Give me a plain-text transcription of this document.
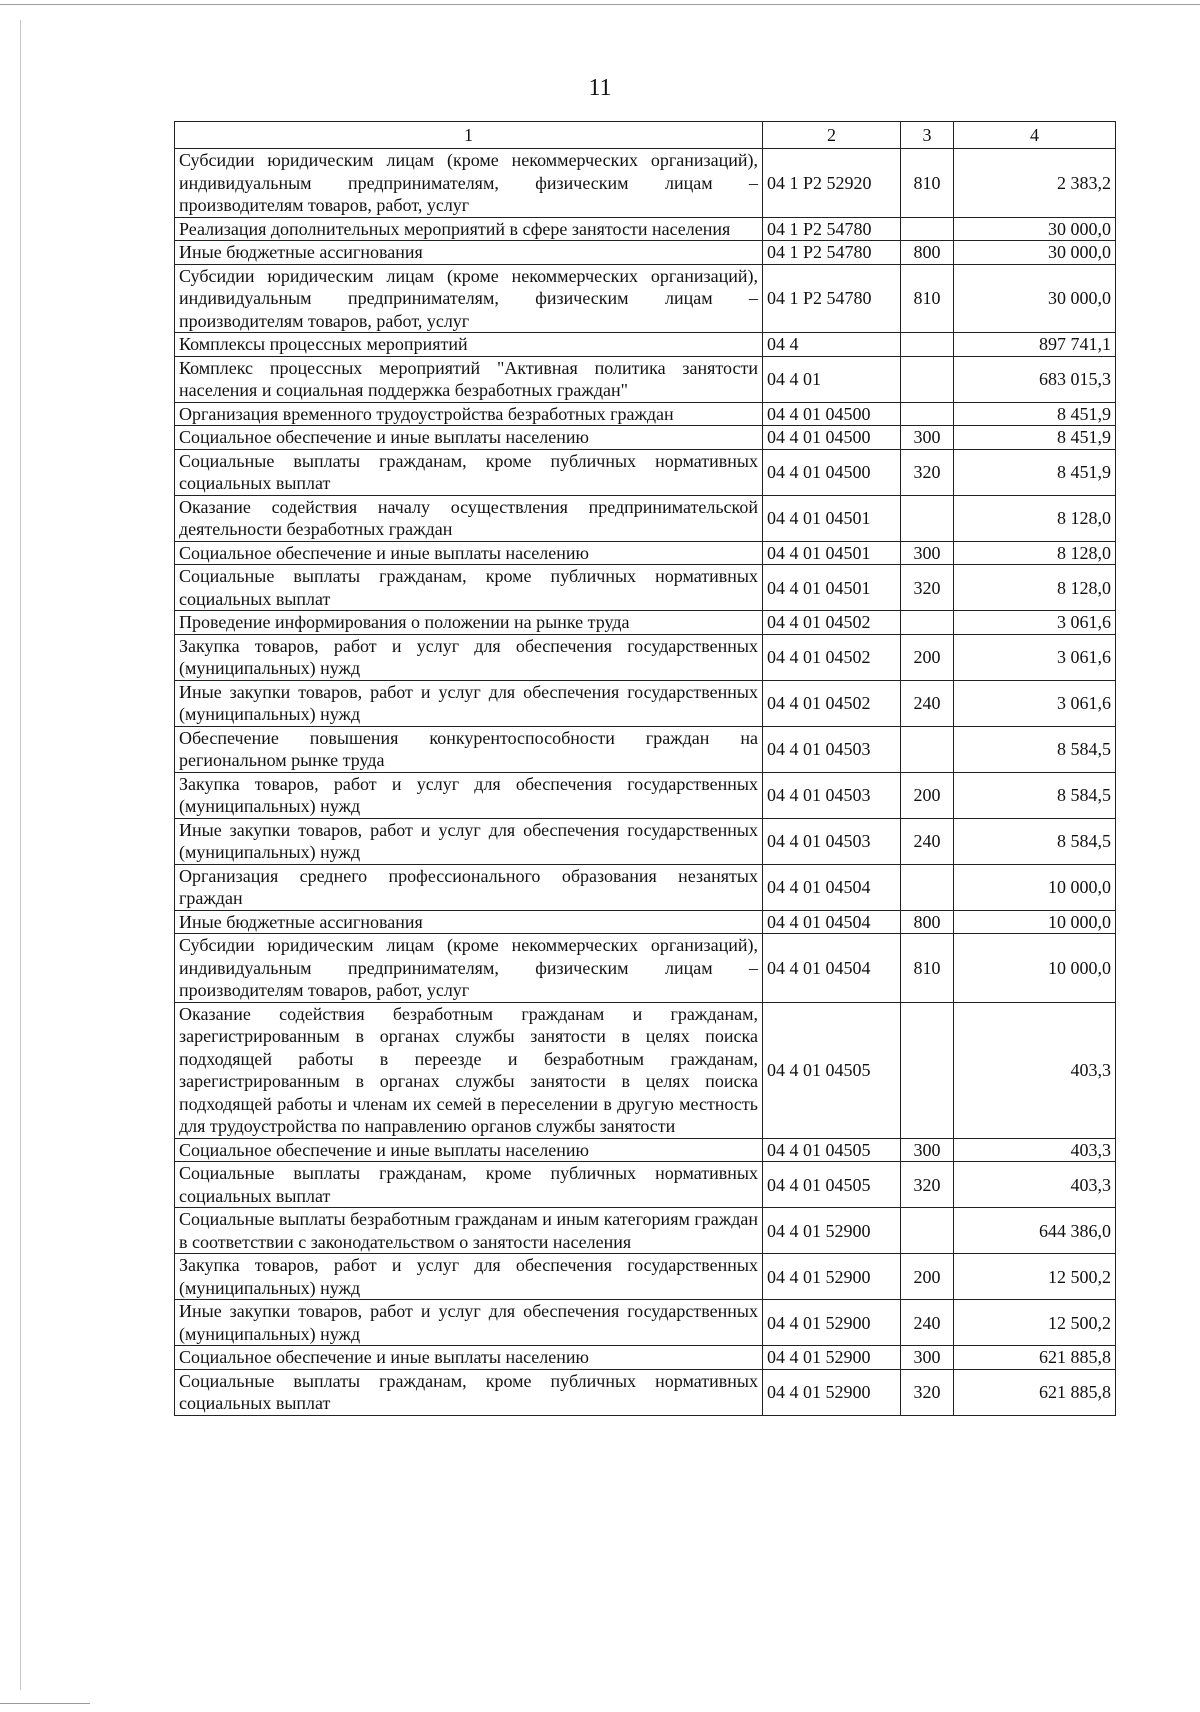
11
1	2	3	4
Субсидии юридическим лицам (кроме некоммерческих организаций), индивидуальным предпринимателям, физическим лицам – производителям товаров, работ, услуг	04 1 Р2 52920	810	2 383,2
Реализация дополнительных мероприятий в сфере занятости населения	04 1 Р2 54780		30 000,0
Иные бюджетные ассигнования	04 1 Р2 54780	800	30 000,0
Субсидии юридическим лицам (кроме некоммерческих организаций), индивидуальным предпринимателям, физическим лицам – производителям товаров, работ, услуг	04 1 Р2 54780	810	30 000,0
Комплексы процессных мероприятий	04 4		897 741,1
Комплекс процессных мероприятий "Активная политика занятости населения и социальная поддержка безработных граждан"	04 4 01		683 015,3
Организация временного трудоустройства безработных граждан	04 4 01 04500		8 451,9
Социальное обеспечение и иные выплаты населению	04 4 01 04500	300	8 451,9
Социальные выплаты гражданам, кроме публичных нормативных социальных выплат	04 4 01 04500	320	8 451,9
Оказание содействия началу осуществления предпринимательской деятельности безработных граждан	04 4 01 04501		8 128,0
Социальное обеспечение и иные выплаты населению	04 4 01 04501	300	8 128,0
Социальные выплаты гражданам, кроме публичных нормативных социальных выплат	04 4 01 04501	320	8 128,0
Проведение информирования о положении на рынке труда	04 4 01 04502		3 061,6
Закупка товаров, работ и услуг для обеспечения государственных (муниципальных) нужд	04 4 01 04502	200	3 061,6
Иные закупки товаров, работ и услуг для обеспечения государственных (муниципальных) нужд	04 4 01 04502	240	3 061,6
Обеспечение повышения конкурентоспособности граждан на региональном рынке труда	04 4 01 04503		8 584,5
Закупка товаров, работ и услуг для обеспечения государственных (муниципальных) нужд	04 4 01 04503	200	8 584,5
Иные закупки товаров, работ и услуг для обеспечения государственных (муниципальных) нужд	04 4 01 04503	240	8 584,5
Организация среднего профессионального образования незанятых граждан	04 4 01 04504		10 000,0
Иные бюджетные ассигнования	04 4 01 04504	800	10 000,0
Субсидии юридическим лицам (кроме некоммерческих организаций), индивидуальным предпринимателям, физическим лицам – производителям товаров, работ, услуг	04 4 01 04504	810	10 000,0
Оказание содействия безработным гражданам и гражданам, зарегистрированным в органах службы занятости в целях поиска подходящей работы в переезде и безработным гражданам, зарегистрированным в органах службы занятости в целях поиска подходящей работы и членам их семей в переселении в другую местность для трудоустройства по направлению органов службы занятости	04 4 01 04505		403,3
Социальное обеспечение и иные выплаты населению	04 4 01 04505	300	403,3
Социальные выплаты гражданам, кроме публичных нормативных социальных выплат	04 4 01 04505	320	403,3
Социальные выплаты безработным гражданам и иным категориям граждан в соответствии с законодательством о занятости населения	04 4 01 52900		644 386,0
Закупка товаров, работ и услуг для обеспечения государственных (муниципальных) нужд	04 4 01 52900	200	12 500,2
Иные закупки товаров, работ и услуг для обеспечения государственных (муниципальных) нужд	04 4 01 52900	240	12 500,2
Социальное обеспечение и иные выплаты населению	04 4 01 52900	300	621 885,8
Социальные выплаты гражданам, кроме публичных нормативных социальных выплат	04 4 01 52900	320	621 885,8
